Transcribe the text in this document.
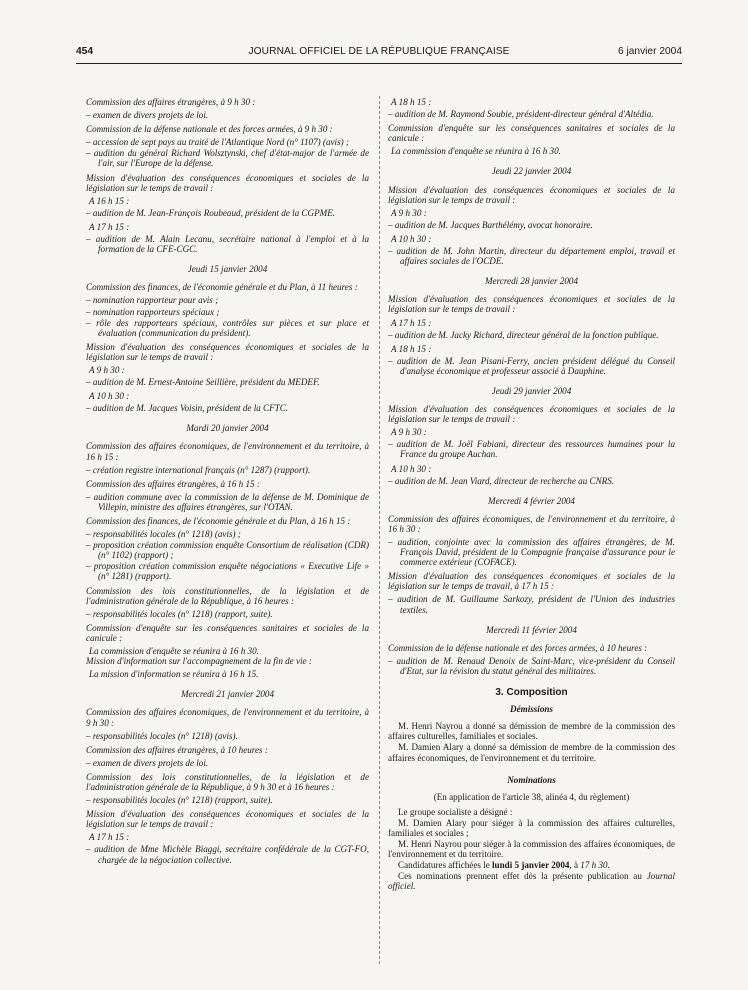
454	JOURNAL OFFICIEL DE LA RÉPUBLIQUE FRANÇAISE	6 janvier 2004

Commission des affaires étrangères, à 9 h 30 :

– examen de divers projets de loi.

Commission de la défense nationale et des forces armées, à 9 h 30 :

– accession de sept pays au traité de l'Atlantique Nord (n° 1107) (avis) ;

– audition du général Richard Wolsztynski, chef d'état-major de l'armée de l'air, sur l'Europe de la défense.

Mission d'évaluation des conséquences économiques et sociales de la législation sur le temps de travail :

A 16 h 15 :

– audition de M. Jean-François Roubeaud, président de la CGPME.

A 17 h 15 :

– audition de M. Alain Lecanu, secrétaire national à l'emploi et à la formation de la CFE-CGC.

Jeudi 15 janvier 2004

Commission des finances, de l'économie générale et du Plan, à 11 heures :

– nomination rapporteur pour avis ;

– nomination rapporteurs spéciaux ;

– rôle des rapporteurs spéciaux, contrôles sur pièces et sur place et évaluation (communication du président).

Mission d'évaluation des conséquences économiques et sociales de la législation sur le temps de travail :

A 9 h 30 :

– audition de M. Ernest-Antoine Seillière, président du MEDEF.

A 10 h 30 :

– audition de M. Jacques Voisin, président de la CFTC.

Mardi 20 janvier 2004

Commission des affaires économiques, de l'environnement et du territoire, à 16 h 15 :

– création registre international français (n° 1287) (rapport).

Commission des affaires étrangères, à 16 h 15 :

– audition commune avec la commission de la défense de M. Dominique de Villepin, ministre des affaires étrangères, sur l'OTAN.

Commission des finances, de l'économie générale et du Plan, à 16 h 15 :

– responsabilités locales (n° 1218) (avis) ;

– proposition création commission enquête Consortium de réalisation (CDR) (n° 1102) (rapport) ;

– proposition création commission enquête négociations « Executive Life » (n° 1281) (rapport).

Commission des lois constitutionnelles, de la législation et de l'administration générale de la République, à 16 heures :

– responsabilités locales (n° 1218) (rapport, suite).

Commission d'enquête sur les conséquences sanitaires et sociales de la canicule :

La commission d'enquête se réunira à 16 h 30.

Mission d'information sur l'accompagnement de la fin de vie :

La mission d'information se réunira à 16 h 15.

Mercredi 21 janvier 2004

Commission des affaires économiques, de l'environnement et du territoire, à 9 h 30 :

– responsabilités locales (n° 1218) (avis).

Commission des affaires étrangères, à 10 heures :

– examen de divers projets de loi.

Commission des lois constitutionnelles, de la législation et de l'administration générale de la République, à 9 h 30 et à 16 heures :

– responsabilités locales (n° 1218) (rapport, suite).

Mission d'évaluation des conséquences économiques et sociales de la législation sur le temps de travail :

A 17 h 15 :

– audition de Mme Michèle Biaggi, secrétaire confédérale de la CGT-FO, chargée de la négociation collective.

A 18 h 15 :

– audition de M. Raymond Soubie, président-directeur général d'Altédia.

Commission d'enquête sur les conséquences sanitaires et sociales de la canicule :

La commission d'enquête se réunira à 16 h 30.

Jeudi 22 janvier 2004

Mission d'évaluation des conséquences économiques et sociales de la législation sur le temps de travail :

A 9 h 30 :

– audition de M. Jacques Barthélémy, avocat honoraire.

A 10 h 30 :

– audition de M. John Martin, directeur du département emploi, travail et affaires sociales de l'OCDE.

Mercredi 28 janvier 2004

Mission d'évaluation des conséquences économiques et sociales de la législation sur le temps de travail :

A 17 h 15 :

– audition de M. Jacky Richard, directeur général de la fonction publique.

A 18 h 15 :

– audition de M. Jean Pisani-Ferry, ancien président délégué du Conseil d'analyse économique et professeur associé à Dauphine.

Jeudi 29 janvier 2004

Mission d'évaluation des conséquences économiques et sociales de la législation sur le temps de travail :

A 9 h 30 :

– audition de M. Joël Fabiani, directeur des ressources humaines pour la France du groupe Auchan.

A 10 h 30 :

– audition de M. Jean Viard, directeur de recherche au CNRS.

Mercredi 4 février 2004

Commission des affaires économiques, de l'environnement et du territoire, à 16 h 30 :

– audition, conjointe avec la commission des affaires étrangères, de M. François David, président de la Compagnie française d'assurance pour le commerce extérieur (COFACE).

Mission d'évaluation des conséquences économiques et sociales de la législation sur le temps de travail, à 17 h 15 :

– audition de M. Guillaume Sarkozy, président de l'Union des industries textiles.

Mercredi 11 février 2004

Commission de la défense nationale et des forces armées, à 10 heures :

– audition de M. Renaud Denoix de Saint-Marc, vice-président du Conseil d'Etat, sur la révision du statut général des militaires.

3. Composition

Démissions

M. Henri Nayrou a donné sa démission de membre de la commission des affaires culturelles, familiales et sociales.

M. Damien Alary a donné sa démission de membre de la commission des affaires économiques, de l'environnement et du territoire.

Nominations

(En application de l'article 38, alinéa 4, du règlement)

Le groupe socialiste a désigné :

M. Damien Alary pour siéger à la commission des affaires culturelles, familiales et sociales ;

M. Henri Nayrou pour siéger à la commission des affaires économiques, de l'environnement et du territoire.

Candidatures affichées le lundi 5 janvier 2004, à 17 h 30.

Ces nominations prennent effet dès la présente publication au Journal officiel.
